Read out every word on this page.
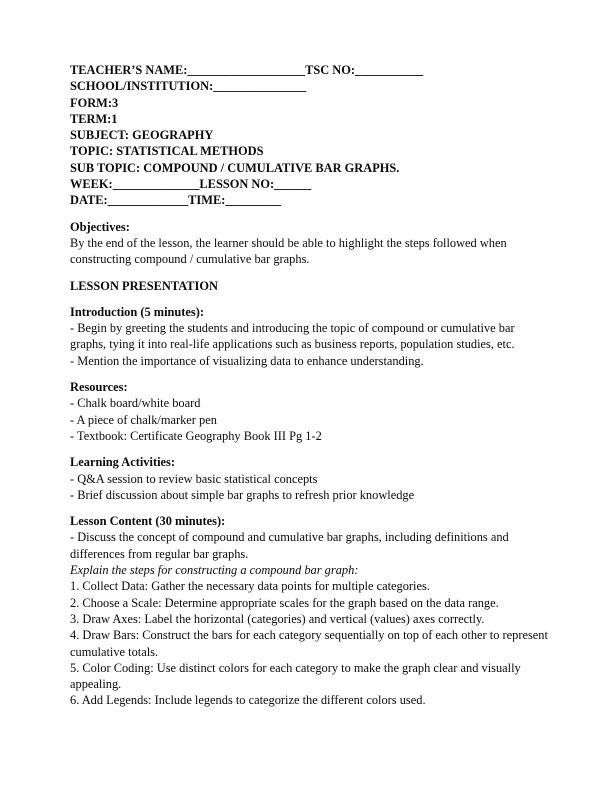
TEACHER’S NAME:___________________TSC NO:___________
SCHOOL/INSTITUTION:_______________
FORM:3
TERM:1
SUBJECT: GEOGRAPHY
TOPIC: STATISTICAL METHODS
SUB TOPIC: COMPOUND / CUMULATIVE BAR GRAPHS.
WEEK:______________LESSON NO:______
DATE:_____________TIME:_________
Objectives:
By the end of the lesson, the learner should be able to highlight the steps followed when constructing compound / cumulative bar graphs.
LESSON PRESENTATION
Introduction (5 minutes):
- Begin by greeting the students and introducing the topic of compound or cumulative bar graphs, tying it into real-life applications such as business reports, population studies, etc.
- Mention the importance of visualizing data to enhance understanding.
Resources:
- Chalk board/white board
- A piece of chalk/marker pen
- Textbook: Certificate Geography Book III Pg 1-2
Learning Activities:
- Q&A session to review basic statistical concepts
- Brief discussion about simple bar graphs to refresh prior knowledge
Lesson Content (30 minutes):
- Discuss the concept of compound and cumulative bar graphs, including definitions and differences from regular bar graphs.
Explain the steps for constructing a compound bar graph:
1. Collect Data: Gather the necessary data points for multiple categories.
2. Choose a Scale: Determine appropriate scales for the graph based on the data range.
3. Draw Axes: Label the horizontal (categories) and vertical (values) axes correctly.
4. Draw Bars: Construct the bars for each category sequentially on top of each other to represent cumulative totals.
5. Color Coding: Use distinct colors for each category to make the graph clear and visually appealing.
6. Add Legends: Include legends to categorize the different colors used.
